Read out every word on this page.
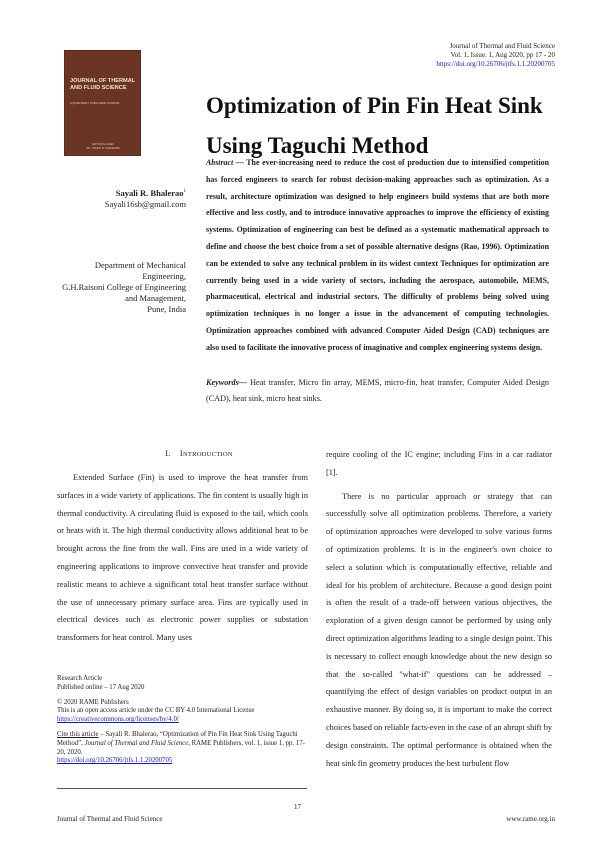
Journal of Thermal and Fluid Science
Vol. 1, Issue. 1, Aug 2020, pp 17 - 20
https://doi.org/10.26706/jtfs.1.1.20200705
JOURNAL OF THERMAL
AND FLUID SCIENCE
A QUARTERLY PUBLISHED JOURNAL
EDITOR-IN-CHIEF
DR. VISHNU R. KHANDARE
Optimization of Pin Fin Heat Sink Using Taguchi Method
Sayali R. Bhalerao$^1$
Sayali16sb@gmail.com
Department of Mechanical Engineering,
G.H.Raisoni College of Engineering and Management,
Pune, India
Abstract — The ever-increasing need to reduce the cost of production due to intensified competition has forced engineers to search for robust decision-making approaches such as optimization. As a result, architecture optimization was designed to help engineers build systems that are both more effective and less costly, and to introduce innovative approaches to improve the efficiency of existing systems. Optimization of engineering can best be defined as a systematic mathematical approach to define and choose the best choice from a set of possible alternative designs (Rao, 1996). Optimization can be extended to solve any technical problem in its widest context Techniques for optimization are currently being used in a wide variety of sectors, including the aerospace, automobile, MEMS, pharmaceutical, electrical and industrial sectors. The difficulty of problems being solved using optimization techniques is no longer a issue in the advancement of computing technologies. Optimization approaches combined with advanced Computer Aided Design (CAD) techniques are also used to facilitate the innovative process of imaginative and complex engineering systems design.
Keywords— Heat transfer, Micro fin array, MEMS, micro-fin, heat transfer, Computer Aided Design (CAD), heat sink, micro heat sinks.
I. INTRODUCTION

Extended Surface (Fin) is used to improve the heat transfer from surfaces in a wide variety of applications. The fin content is usually high in thermal conductivity. A circulating fluid is exposed to the tail, which cools or heats with it. The high thermal conductivity allows additional heat to be brought across the fine from the wall. Fins are used in a wide variety of engineering applications to improve convective heat transfer and provide realistic means to achieve a significant total heat transfer surface without the use of unnecessary primary surface area. Fins are typically used in electrical devices such as electronic power supplies or substation transformers for heat control. Many uses

require cooling of the IC engine; including Fins in a car radiator [1].

There is no particular approach or strategy that can successfully solve all optimization problems. Therefore, a variety of optimization approaches were developed to solve various forms of optimization problems. It is in the engineer's own choice to select a solution which is computationally effective, reliable and ideal for his problem of architecture. Because a good design point is often the result of a trade-off between various objectives, the exploration of a given design cannot be performed by using only direct optimization algorithms leading to a single design point. This is necessary to collect enough knowledge about the new design so that the so-called "what-if" questions can be addressed – quantifying the effect of design variables on product output in an exhaustive manner. By doing so, it is important to make the correct choices based on reliable facts-even in the case of an abrupt shift by design constraints. The optimal performance is obtained when the heat sink fin geometry produces the best turbulent flow

Research Article
Published online – 17 Aug 2020
© 2020 RAME Publishers
This is an open access article under the CC BY 4.0 International License
https://creativecommons.org/licenses/by/4.0/
Cite this article – Sayali R. Bhalerao, “Optimization of Pin Fin Heat Sink Using Taguchi Method”, Journal of Thermal and Fluid Science, RAME Publishers, vol. 1, issue 1, pp. 17-20, 2020.
https://doi.org/10.26706/jtfs.1.1.20200705
17
Journal of Thermal and Fluid Science	www.rame.org.in
